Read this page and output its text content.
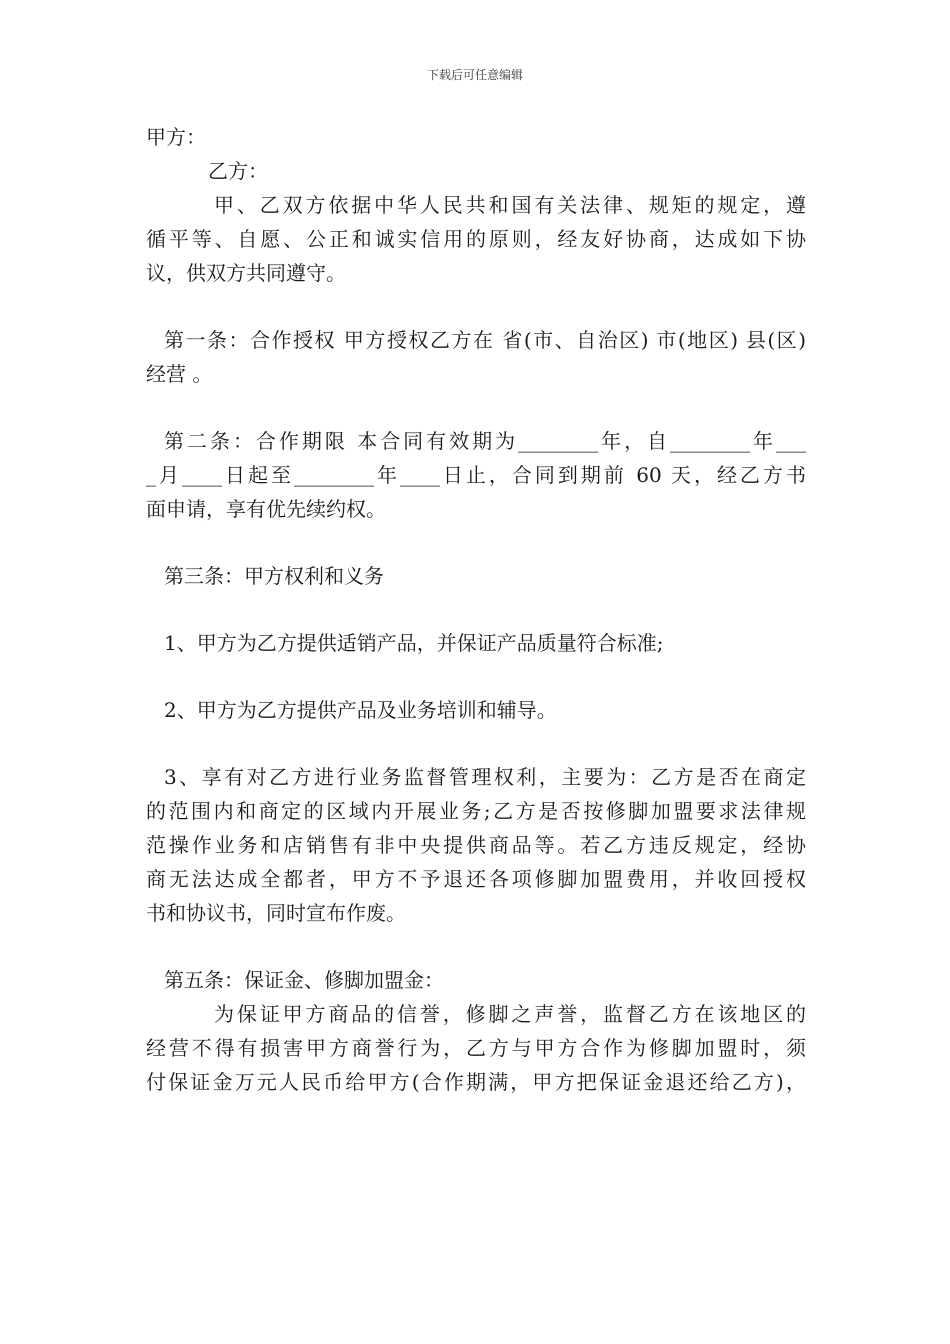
下载后可任意编辑

甲方：

乙方：

甲、乙双方依据中华人民共和国有关法律、规矩的规定，遵

循平等、自愿、公正和诚实信用的原则，经友好协商，达成如下协

议，供双方共同遵守。

第一条：合作授权 甲方授权乙方在 省(市、自治区) 市(地区) 县(区)

经营 。

第二条：合作期限 本合同有效期为________年，自________年___

_月____日起至________年____日止，合同到期前 60 天，经乙方书

面申请，享有优先续约权。

第三条：甲方权利和义务

1、甲方为乙方提供适销产品，并保证产品质量符合标准;

2、甲方为乙方提供产品及业务培训和辅导。

3、享有对乙方进行业务监督管理权利，主要为：乙方是否在商定

的范围内和商定的区域内开展业务;乙方是否按修脚加盟要求法律规

范操作业务和店销售有非中央提供商品等。若乙方违反规定，经协

商无法达成全都者，甲方不予退还各项修脚加盟费用，并收回授权

书和协议书，同时宣布作废。

第五条：保证金、修脚加盟金：

为保证甲方商品的信誉，修脚之声誉，监督乙方在该地区的

经营不得有损害甲方商誉行为，乙方与甲方合作为修脚加盟时，须

付保证金万元人民币给甲方(合作期满，甲方把保证金退还给乙方)，
